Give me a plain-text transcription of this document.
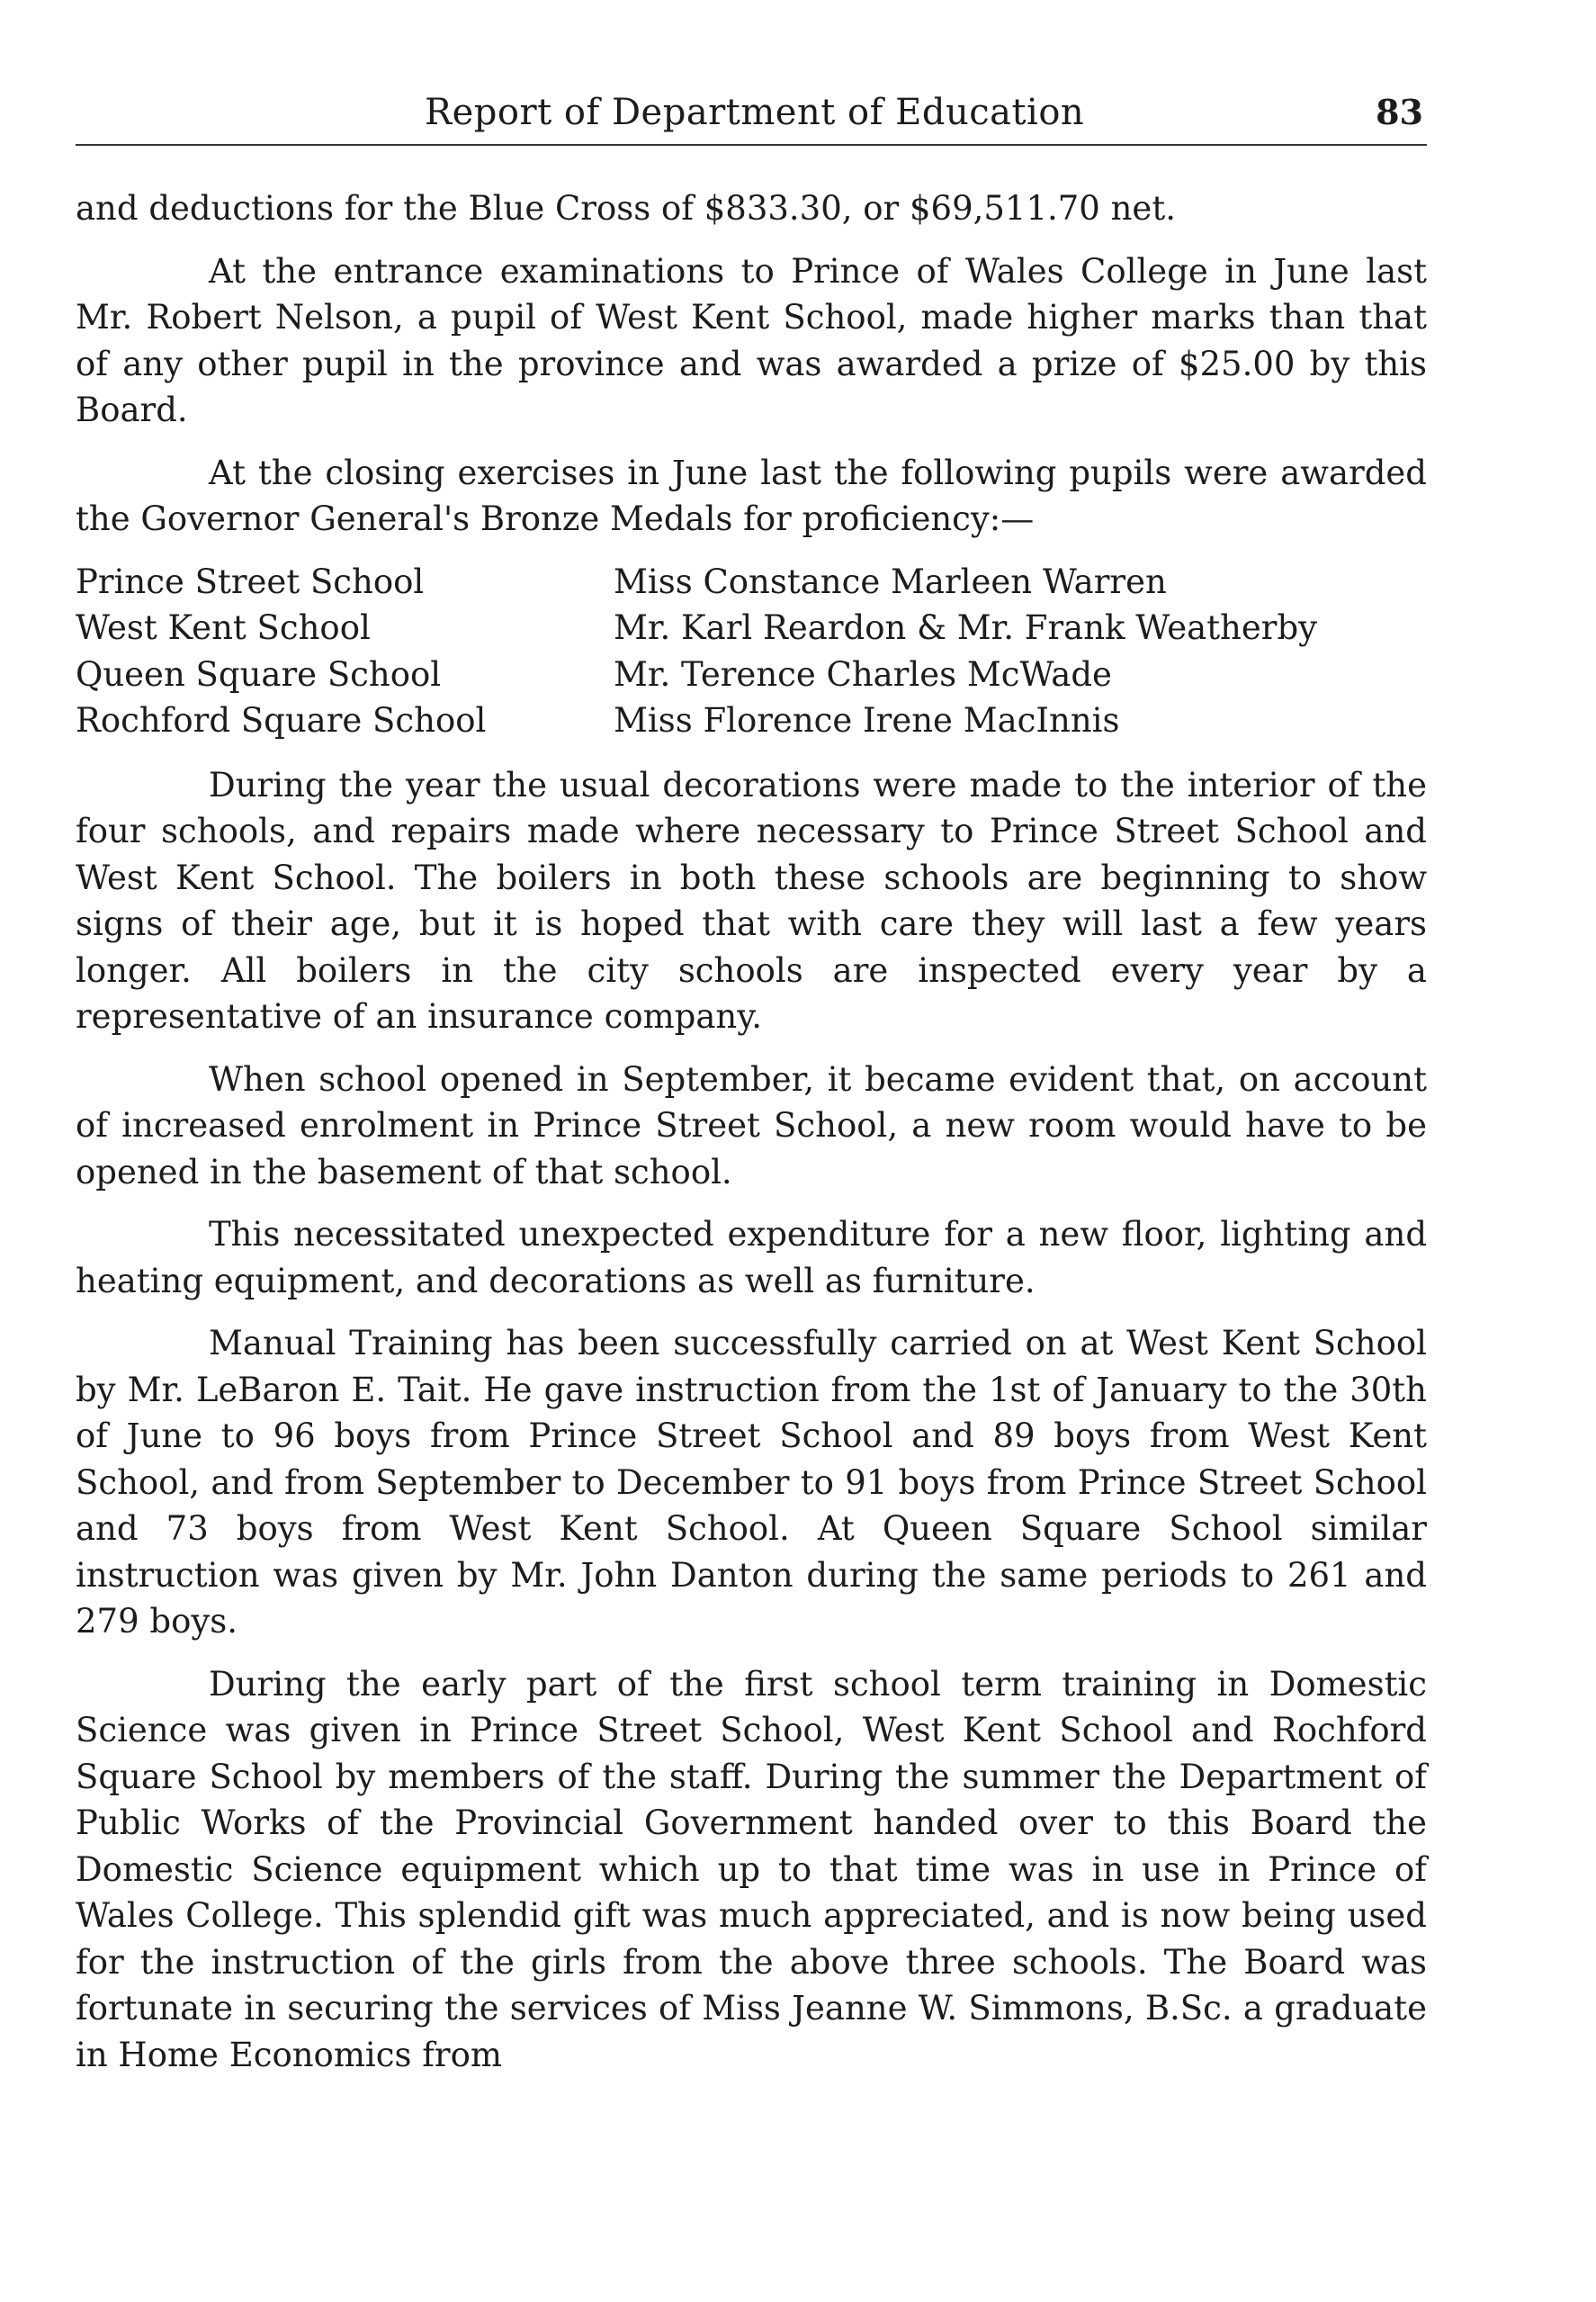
Report of Department of Education	83

and deductions for the Blue Cross of $833.30, or $69,511.70 net.

At the entrance examinations to Prince of Wales College in June last Mr. Robert Nelson, a pupil of West Kent School, made higher marks than that of any other pupil in the province and was awarded a prize of $25.00 by this Board.

At the closing exercises in June last the following pupils were awarded the Governor General's Bronze Medals for proficiency:—

Prince Street School	Miss Constance Marleen Warren
West Kent School	Mr. Karl Reardon & Mr. Frank Weatherby
Queen Square School	Mr. Terence Charles McWade
Rochford Square School	Miss Florence Irene MacInnis

During the year the usual decorations were made to the interior of the four schools, and repairs made where necessary to Prince Street School and West Kent School. The boilers in both these schools are beginning to show signs of their age, but it is hoped that with care they will last a few years longer. All boilers in the city schools are inspected every year by a representative of an insurance company.

When school opened in September, it became evident that, on account of increased enrolment in Prince Street School, a new room would have to be opened in the basement of that school.

This necessitated unexpected expenditure for a new floor, lighting and heating equipment, and decorations as well as furniture.

Manual Training has been successfully carried on at West Kent School by Mr. LeBaron E. Tait. He gave instruction from the 1st of January to the 30th of June to 96 boys from Prince Street School and 89 boys from West Kent School, and from September to December to 91 boys from Prince Street School and 73 boys from West Kent School. At Queen Square School similar instruction was given by Mr. John Danton during the same periods to 261 and 279 boys.

During the early part of the first school term training in Domestic Science was given in Prince Street School, West Kent School and Rochford Square School by members of the staff. During the summer the Department of Public Works of the Provincial Government handed over to this Board the Domestic Science equipment which up to that time was in use in Prince of Wales College. This splendid gift was much appreciated, and is now being used for the instruction of the girls from the above three schools. The Board was fortunate in securing the services of Miss Jeanne W. Simmons, B.Sc. a graduate in Home Economics from
